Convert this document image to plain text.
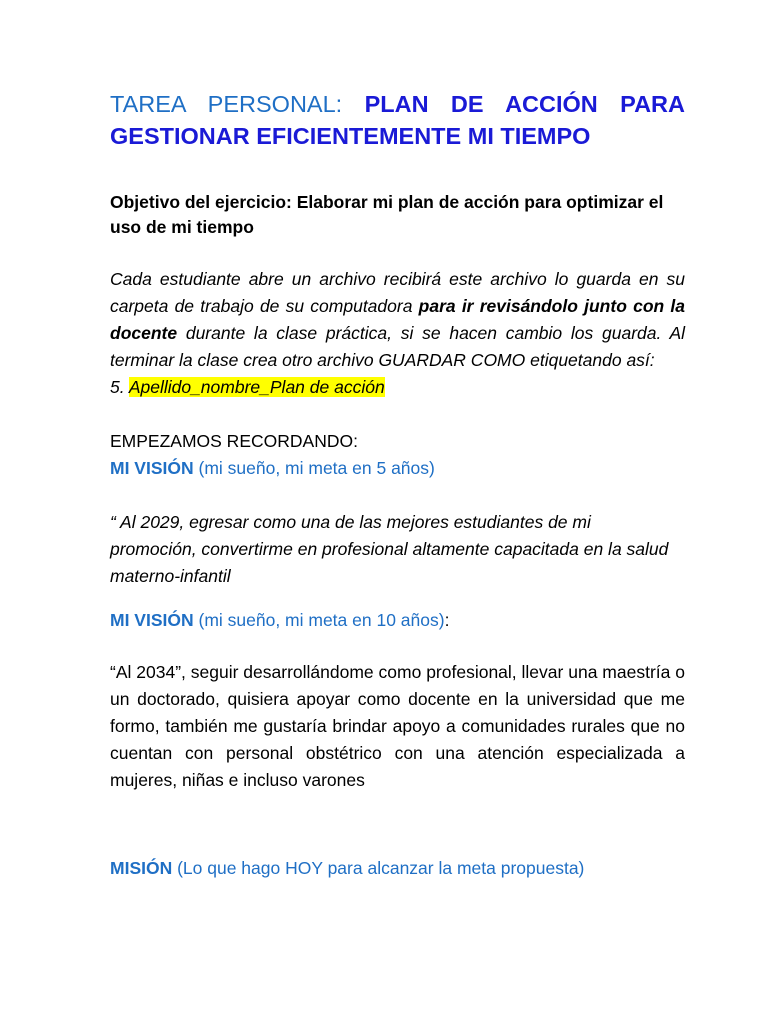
TAREA PERSONAL: PLAN DE ACCIÓN PARA GESTIONAR EFICIENTEMENTE MI TIEMPO

Objetivo del ejercicio: Elaborar mi plan de acción para optimizar el uso de mi tiempo

Cada estudiante abre un archivo recibirá este archivo lo guarda en su carpeta de trabajo de su computadora para ir revisándolo junto con la docente durante la clase práctica, si se hacen cambio los guarda. Al terminar la clase crea otro archivo GUARDAR COMO etiquetando así:
5. Apellido_nombre_Plan de acción

EMPEZAMOS RECORDANDO:

MI VISIÓN (mi sueño, mi meta en 5 años)

“ Al 2029, egresar como una de las mejores estudiantes de mi promoción, convertirme en profesional altamente capacitada en la salud materno-infantil

MI VISIÓN (mi sueño, mi meta en 10 años):

“Al 2034”, seguir desarrollándome como profesional, llevar una maestría o un doctorado, quisiera apoyar como docente en la universidad que me formo, también me gustaría brindar apoyo a comunidades rurales que no cuentan con personal obstétrico con una atención especializada a mujeres, niñas e incluso varones

MISIÓN (Lo que hago HOY para alcanzar la meta propuesta)
